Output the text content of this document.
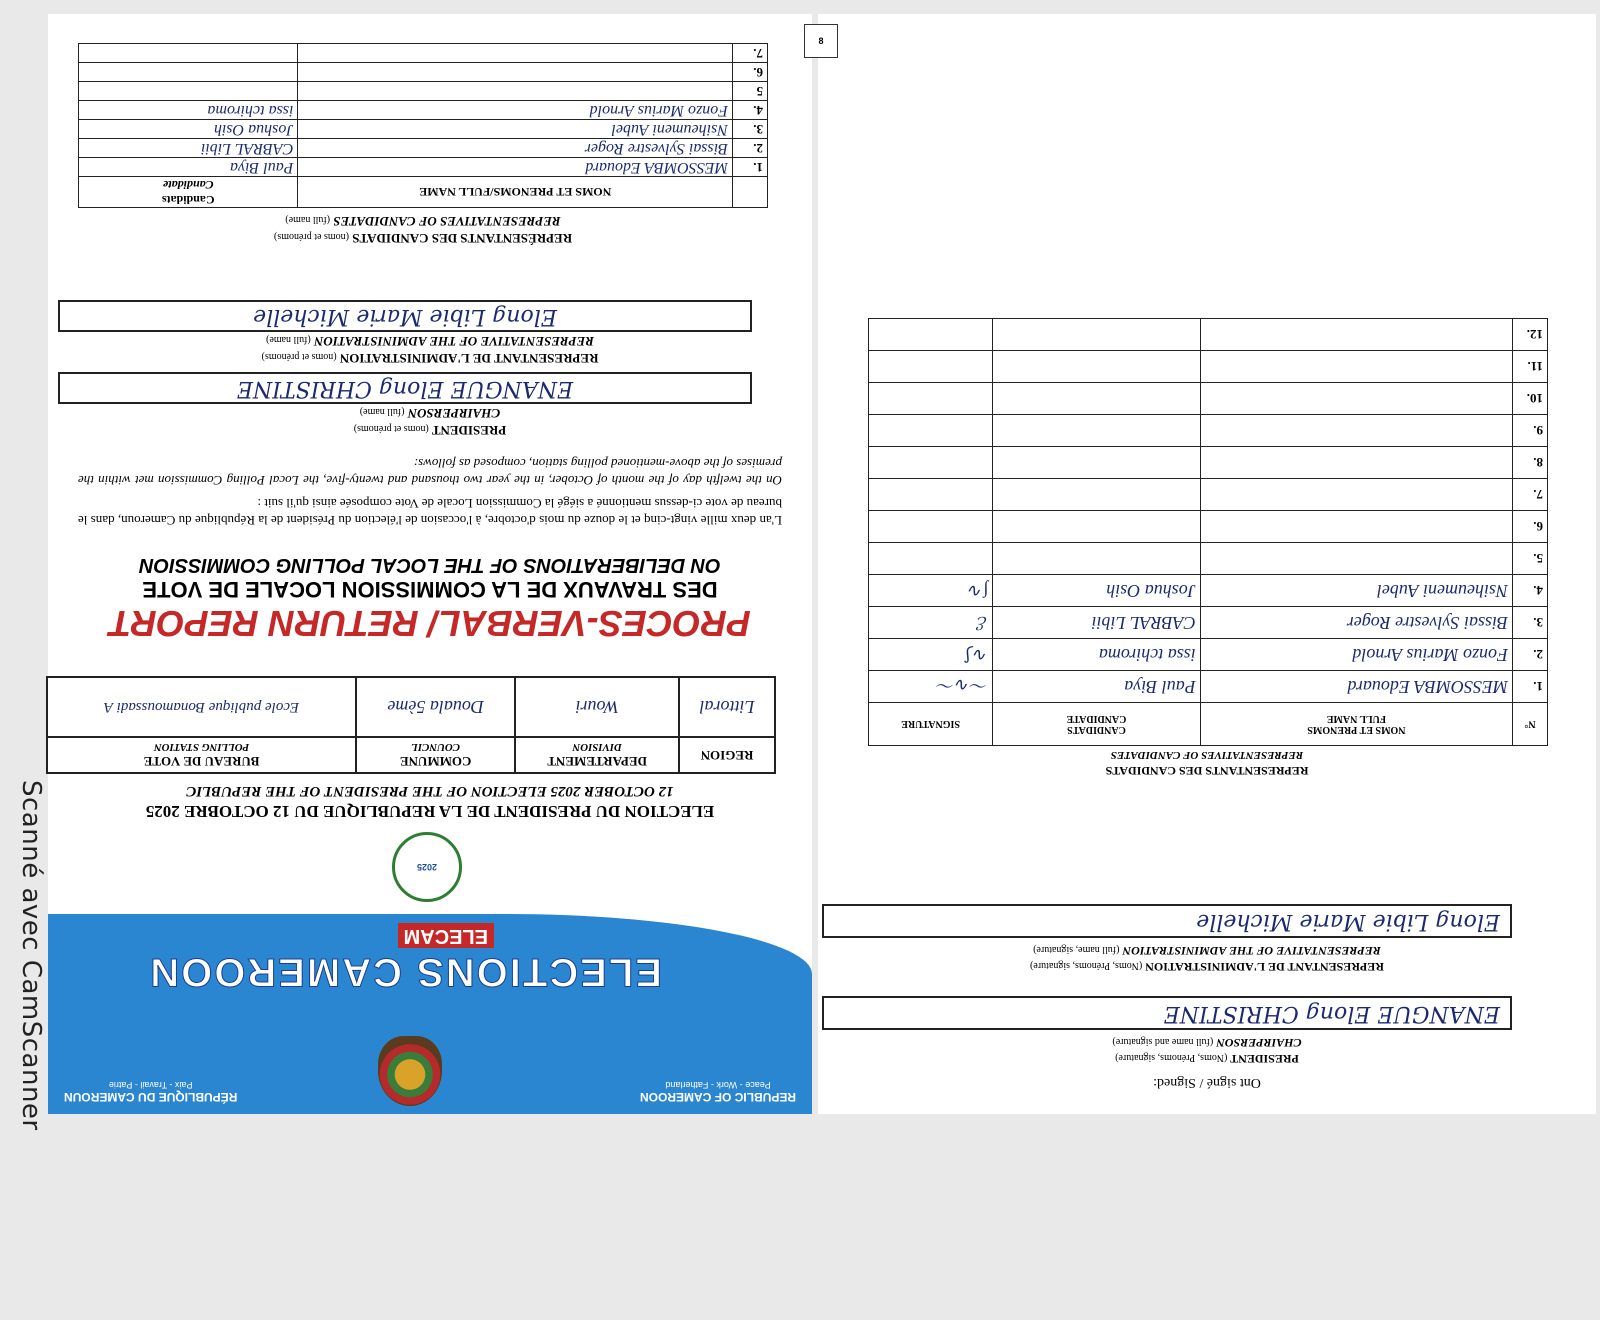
Scanné avec CamScanner	REPUBLIC OF CAMEROON
Peace - Work - Fatherland
RÉPUBLIQUE DU CAMEROUN
Paix - Travail - Patrie
ELECTIONS CAMEROON
ELECAM
2025
ELECTION DU PRESIDENT DE LA REPUBLIQUE DU 12 OCTOBRE 2025
12 OCTOBER 2025 ELECTION OF THE PRESIDENT OF THE REPUBLIC
REGION	DEPARTEMENT
DIVISION	COMMUNE
COUNCIL	BUREAU DE VOTE
POLLING STATION

Littoral	Wouri	Douala 5ème	Ecole publique Bonamoussadi A
PROCES-VERBAL/ RETURN REPORT
DES TRAVAUX DE LA COMMISSION LOCALE DE VOTE
ON DELIBERATIONS OF THE LOCAL POLLING COMMISSION
L'an deux mille vingt-cinq et le douze du mois d'octobre, à l'occasion de l'élection du Président de la République du Cameroun, dans le bureau de vote ci-dessus mentionné a siégé la Commission Locale de Vote composée ainsi qu'il suit :
On the twelfth day of the month of October, in the year two thousand and twenty-five, the Local Polling Commission met within the premises of the above-mentioned polling station, composed as follows:
PRESIDENT (noms et prénoms)
CHAIRPERSON (full name)
ENANGUE Elong CHRISTINE
REPRESENTANT DE L'ADMINISTRATION (noms et prénoms)
REPRESENTATIVE OF THE ADMINISTRATION (full name)
Elong Libie Marie Michelle
REPRÉSENTANTS DES CANDIDATS (noms et prénoms)
REPRESENTATIVES OF CANDIDATES (full name)
	NOMS ET PRENOMS/FULL NAME	Candidats
Candidate
1.	MESSOMBA Edouard	Paul Biya
2.	Bissai Sylvestre Roger	CABRAL Libii
3.	Nsiheumeni Aubel	Joshua Osih
4.	Fonzo Marius Arnold	issa tchiroma
5		
6.		
7.		
8
Ont signé / Signed:
PRESIDENT (Noms, Prénoms, signature)
CHAIRPERSON (full name and signature)
ENANGUE Elong CHRISTINE
REPRESENTANT DE L'ADMINISTRATION (Noms, Prénoms, signature)
REPRESENTATIVE OF THE ADMINISTRATION (full name, signature)
Elong Libie Marie Michelle
REPRESENTANTS DES CANDIDATS
REPRESENTATIVES OF CANDIDATES
N°	NOMS ET PRENOMS
FULL NAME	CANDIDATS
CANDIDATE	SIGNATURE
1.	MESSOMBA Edouard	Paul Biya	～∿～
2.	Fonzo Marius Arnold	issa tchiroma	∿⟆
3.	Bissai Sylvestre Roger	CABRAL Libii	ℰ
4.	Nsiheumeni Aubel	Joshua Osih	∫∿
5.			
6.			
7.			
8.			
9.			
10.			
11.			
12.			
